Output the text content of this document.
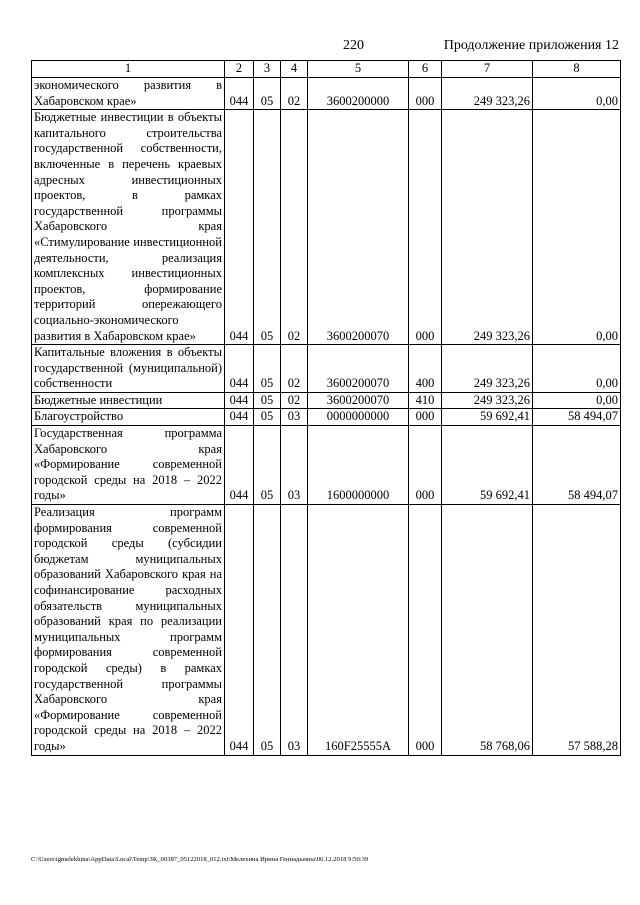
220	Продолжение приложения 12
1	2	3	4	5	6	7	8
экономического развития в Хабаровском крае»	044	05	02	3600200000	000	249 323,26	0,00
Бюджетные инвестиции в объекты капитального строительства государственной собственности, включенные в перечень краевых адресных инвестиционных проектов, в рамках государственной программы Хабаровского края «Стимулирование инвестиционной деятельности, реализация комплексных инвестиционных проектов, формирование территорий опережающего социально-экономического развития в Хабаровском крае»	044	05	02	3600200070	000	249 323,26	0,00
Капитальные вложения в объекты государственной (муниципальной) собственности	044	05	02	3600200070	400	249 323,26	0,00
Бюджетные инвестиции	044	05	02	3600200070	410	249 323,26	0,00
Благоустройство	044	05	03	0000000000	000	59 692,41	58 494,07
Государственная программа Хабаровского края «Формирование современной городской среды на 2018 – 2022 годы»	044	05	03	1600000000	000	59 692,41	58 494,07
Реализация программ формирования современной городской среды (субсидии бюджетам муниципальных образований Хабаровского края на софинансирование расходных обязательств муниципальных образований края по реализации муниципальных программ формирования современной городской среды) в рамках государственной программы Хабаровского края «Формирование современной городской среды на 2018 – 2022 годы»	044	05	03	160F25555A	000	58 768,06	57 588,28
C:\Users\igmelekhina\AppData\Local\Temp\ЗК_00387_05122018_012.txt\Мелехина Ирина Геннадьевна\06.12.2018 9:50:39
